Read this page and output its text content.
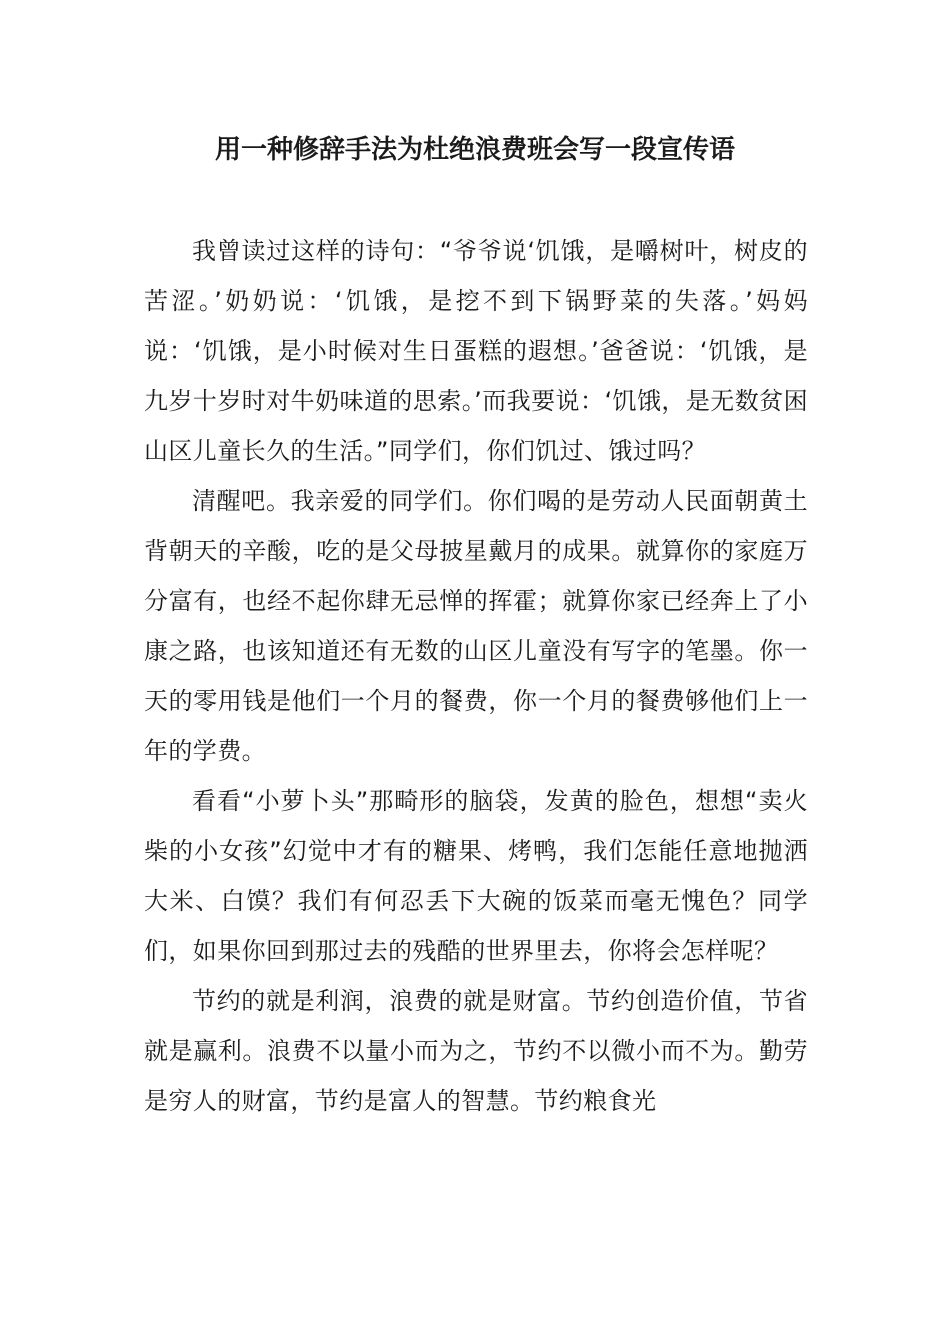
用一种修辞手法为杜绝浪费班会写一段宣传语

我曾读过这样的诗句：“爷爷说‘饥饿，是嚼树叶，树皮的苦涩。’奶奶说：‘饥饿，是挖不到下锅野菜的失落。’妈妈说：‘饥饿，是小时候对生日蛋糕的遐想。’爸爸说：‘饥饿，是九岁十岁时对牛奶味道的思索。’而我要说：‘饥饿，是无数贫困山区儿童长久的生活。”同学们，你们饥过、饿过吗？

清醒吧。我亲爱的同学们。你们喝的是劳动人民面朝黄土背朝天的辛酸，吃的是父母披星戴月的成果。就算你的家庭万分富有，也经不起你肆无忌惮的挥霍；就算你家已经奔上了小康之路，也该知道还有无数的山区儿童没有写字的笔墨。你一天的零用钱是他们一个月的餐费，你一个月的餐费够他们上一年的学费。

看看“小萝卜头”那畸形的脑袋，发黄的脸色，想想“卖火柴的小女孩”幻觉中才有的糖果、烤鸭，我们怎能任意地抛洒大米、白馍？我们有何忍丢下大碗的饭菜而毫无愧色？同学们，如果你回到那过去的残酷的世界里去，你将会怎样呢？

节约的就是利润，浪费的就是财富。节约创造价值，节省就是赢利。浪费不以量小而为之，节约不以微小而不为。勤劳是穷人的财富，节约是富人的智慧。节约粮食光
